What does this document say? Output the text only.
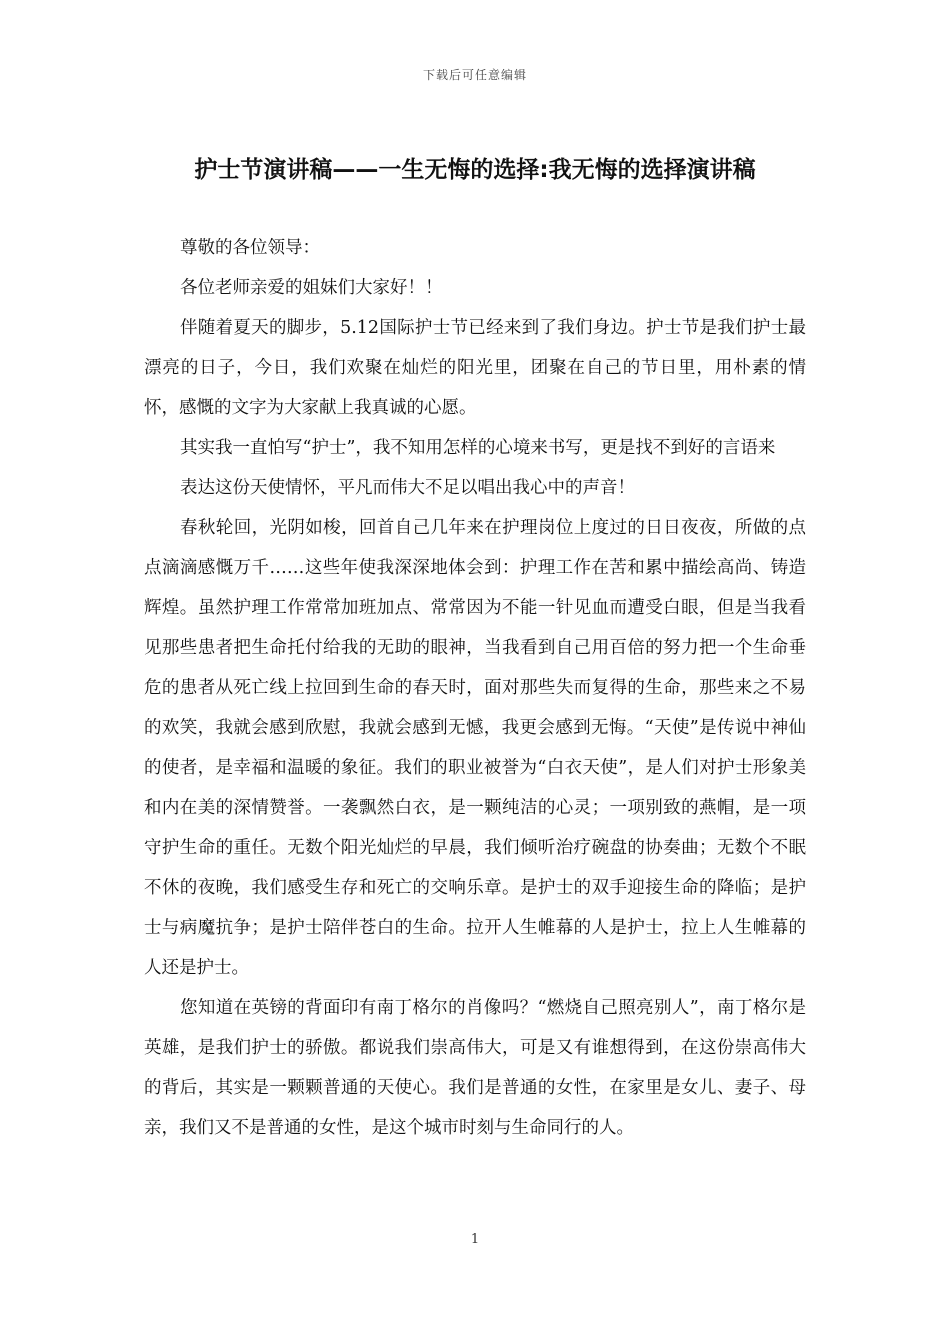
下载后可任意编辑
护士节演讲稿——一生无悔的选择:我无悔的选择演讲稿

尊敬的各位领导：

各位老师亲爱的姐妹们大家好！！

伴随着夏天的脚步，5.12国际护士节已经来到了我们身边。护士节是我们护士最漂亮的日子，今日，我们欢聚在灿烂的阳光里，团聚在自己的节日里，用朴素的情怀，感慨的文字为大家献上我真诚的心愿。

其实我一直怕写“护士”，我不知用怎样的心境来书写，更是找不到好的言语来

表达这份天使情怀，平凡而伟大不足以唱出我心中的声音！

春秋轮回，光阴如梭，回首自己几年来在护理岗位上度过的日日夜夜，所做的点点滴滴感慨万千……这些年使我深深地体会到：护理工作在苦和累中描绘高尚、铸造辉煌。虽然护理工作常常加班加点、常常因为不能一针见血而遭受白眼，但是当我看见那些患者把生命托付给我的无助的眼神，当我看到自己用百倍的努力把一个生命垂危的患者从死亡线上拉回到生命的春天时，面对那些失而复得的生命，那些来之不易的欢笑，我就会感到欣慰，我就会感到无憾，我更会感到无悔。“天使”是传说中神仙的使者，是幸福和温暖的象征。我们的职业被誉为“白衣天使”，是人们对护士形象美和内在美的深情赞誉。一袭飘然白衣，是一颗纯洁的心灵；一项别致的燕帽，是一项守护生命的重任。无数个阳光灿烂的早晨，我们倾听治疗碗盘的协奏曲；无数个不眠不休的夜晚，我们感受生存和死亡的交响乐章。是护士的双手迎接生命的降临；是护士与病魔抗争；是护士陪伴苍白的生命。拉开人生帷幕的人是护士，拉上人生帷幕的人还是护士。

您知道在英镑的背面印有南丁格尔的肖像吗？“燃烧自己照亮别人”，南丁格尔是英雄，是我们护士的骄傲。都说我们崇高伟大，可是又有谁想得到，在这份崇高伟大的背后，其实是一颗颗普通的天使心。我们是普通的女性，在家里是女儿、妻子、母亲，我们又不是普通的女性，是这个城市时刻与生命同行的人。

1
